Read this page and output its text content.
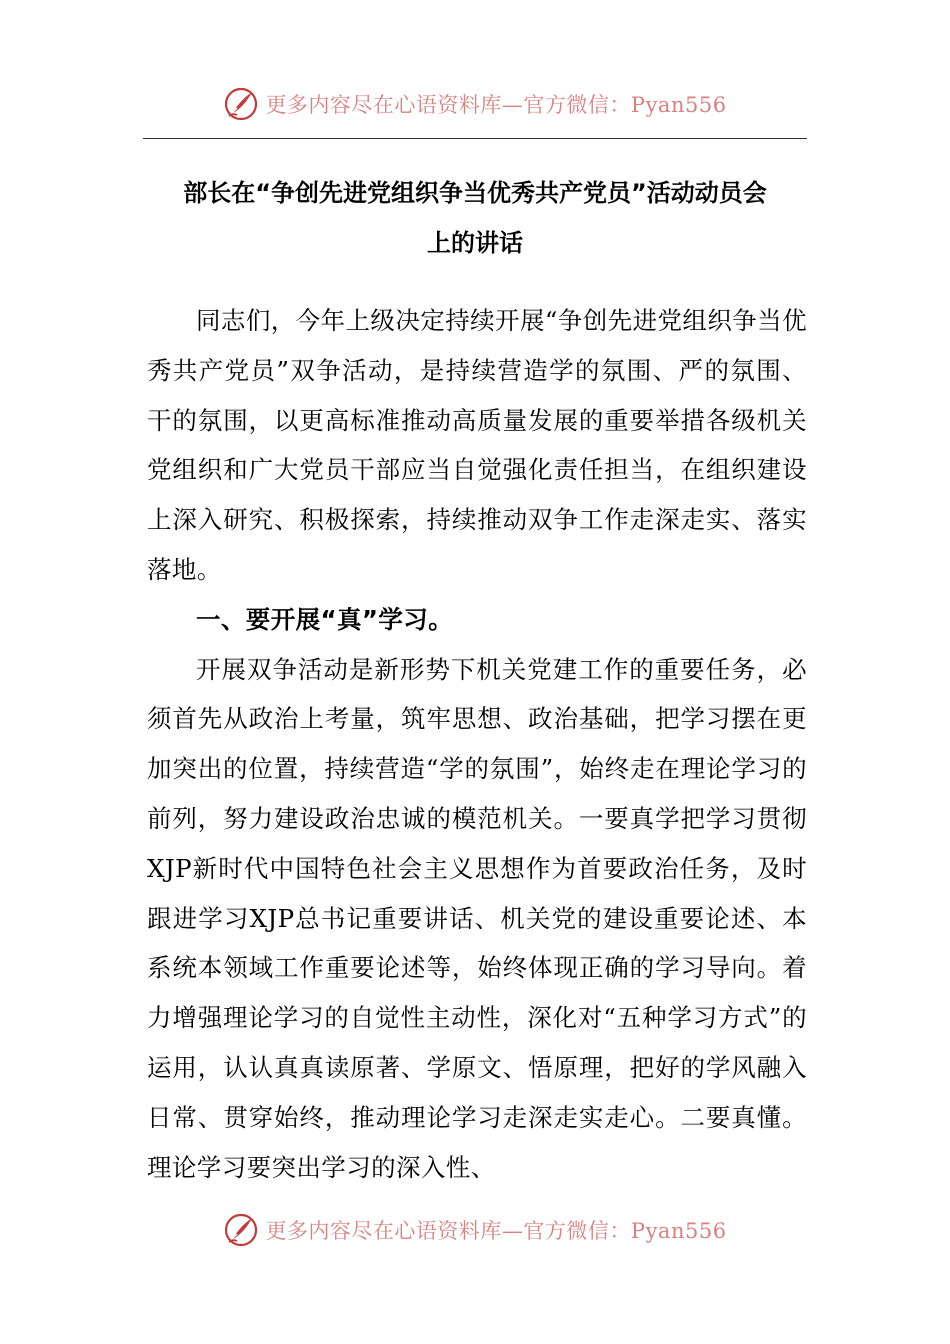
更多内容尽在心语资料库—官方微信：Pyan556
部长在“争创先进党组织争当优秀共产党员”活动动员会
上的讲话

同志们，今年上级决定持续开展“争创先进党组织争当优秀共产党员”双争活动，是持续营造学的氛围、严的氛围、干的氛围，以更高标准推动高质量发展的重要举措各级机关党组织和广大党员干部应当自觉强化责任担当，在组织建设上深入研究、积极探索，持续推动双争工作走深走实、落实落地。

一、要开展“真”学习。

开展双争活动是新形势下机关党建工作的重要任务，必须首先从政治上考量，筑牢思想、政治基础，把学习摆在更加突出的位置，持续营造“学的氛围”，始终走在理论学习的前列，努力建设政治忠诚的模范机关。一要真学把学习贯彻XJP新时代中国特色社会主义思想作为首要政治任务，及时跟进学习XJP总书记重要讲话、机关党的建设重要论述、本系统本领域工作重要论述等，始终体现正确的学习导向。着力增强理论学习的自觉性主动性，深化对“五种学习方式”的运用，认认真真读原著、学原文、悟原理，把好的学风融入日常、贯穿始终，推动理论学习走深走实走心。二要真懂。理论学习要突出学习的深入性、

更多内容尽在心语资料库—官方微信：Pyan556
